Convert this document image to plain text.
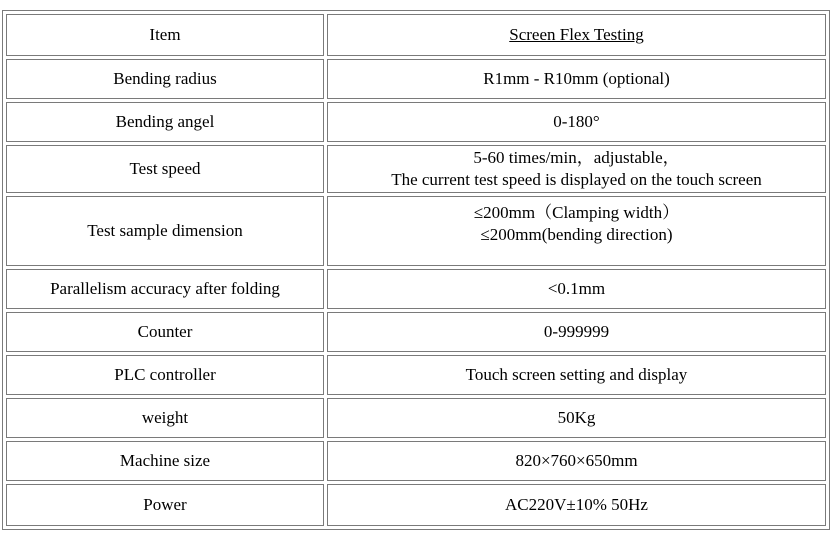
Item	Screen Flex Testing
Bending radius	R1mm - R10mm (optional)
Bending angel	0-180°
Test speed	5-60 times/min，adjustable，
The current test speed is displayed on the touch screen

Test sample dimension	≤200mm（Clamping width）
≤200mm(bending direction)

Parallelism accuracy after folding	<0.1mm
Counter	0-999999
PLC controller	Touch screen setting and display
weight	50Kg
Machine size	820×760×650mm
Power	AC220V±10% 50Hz
